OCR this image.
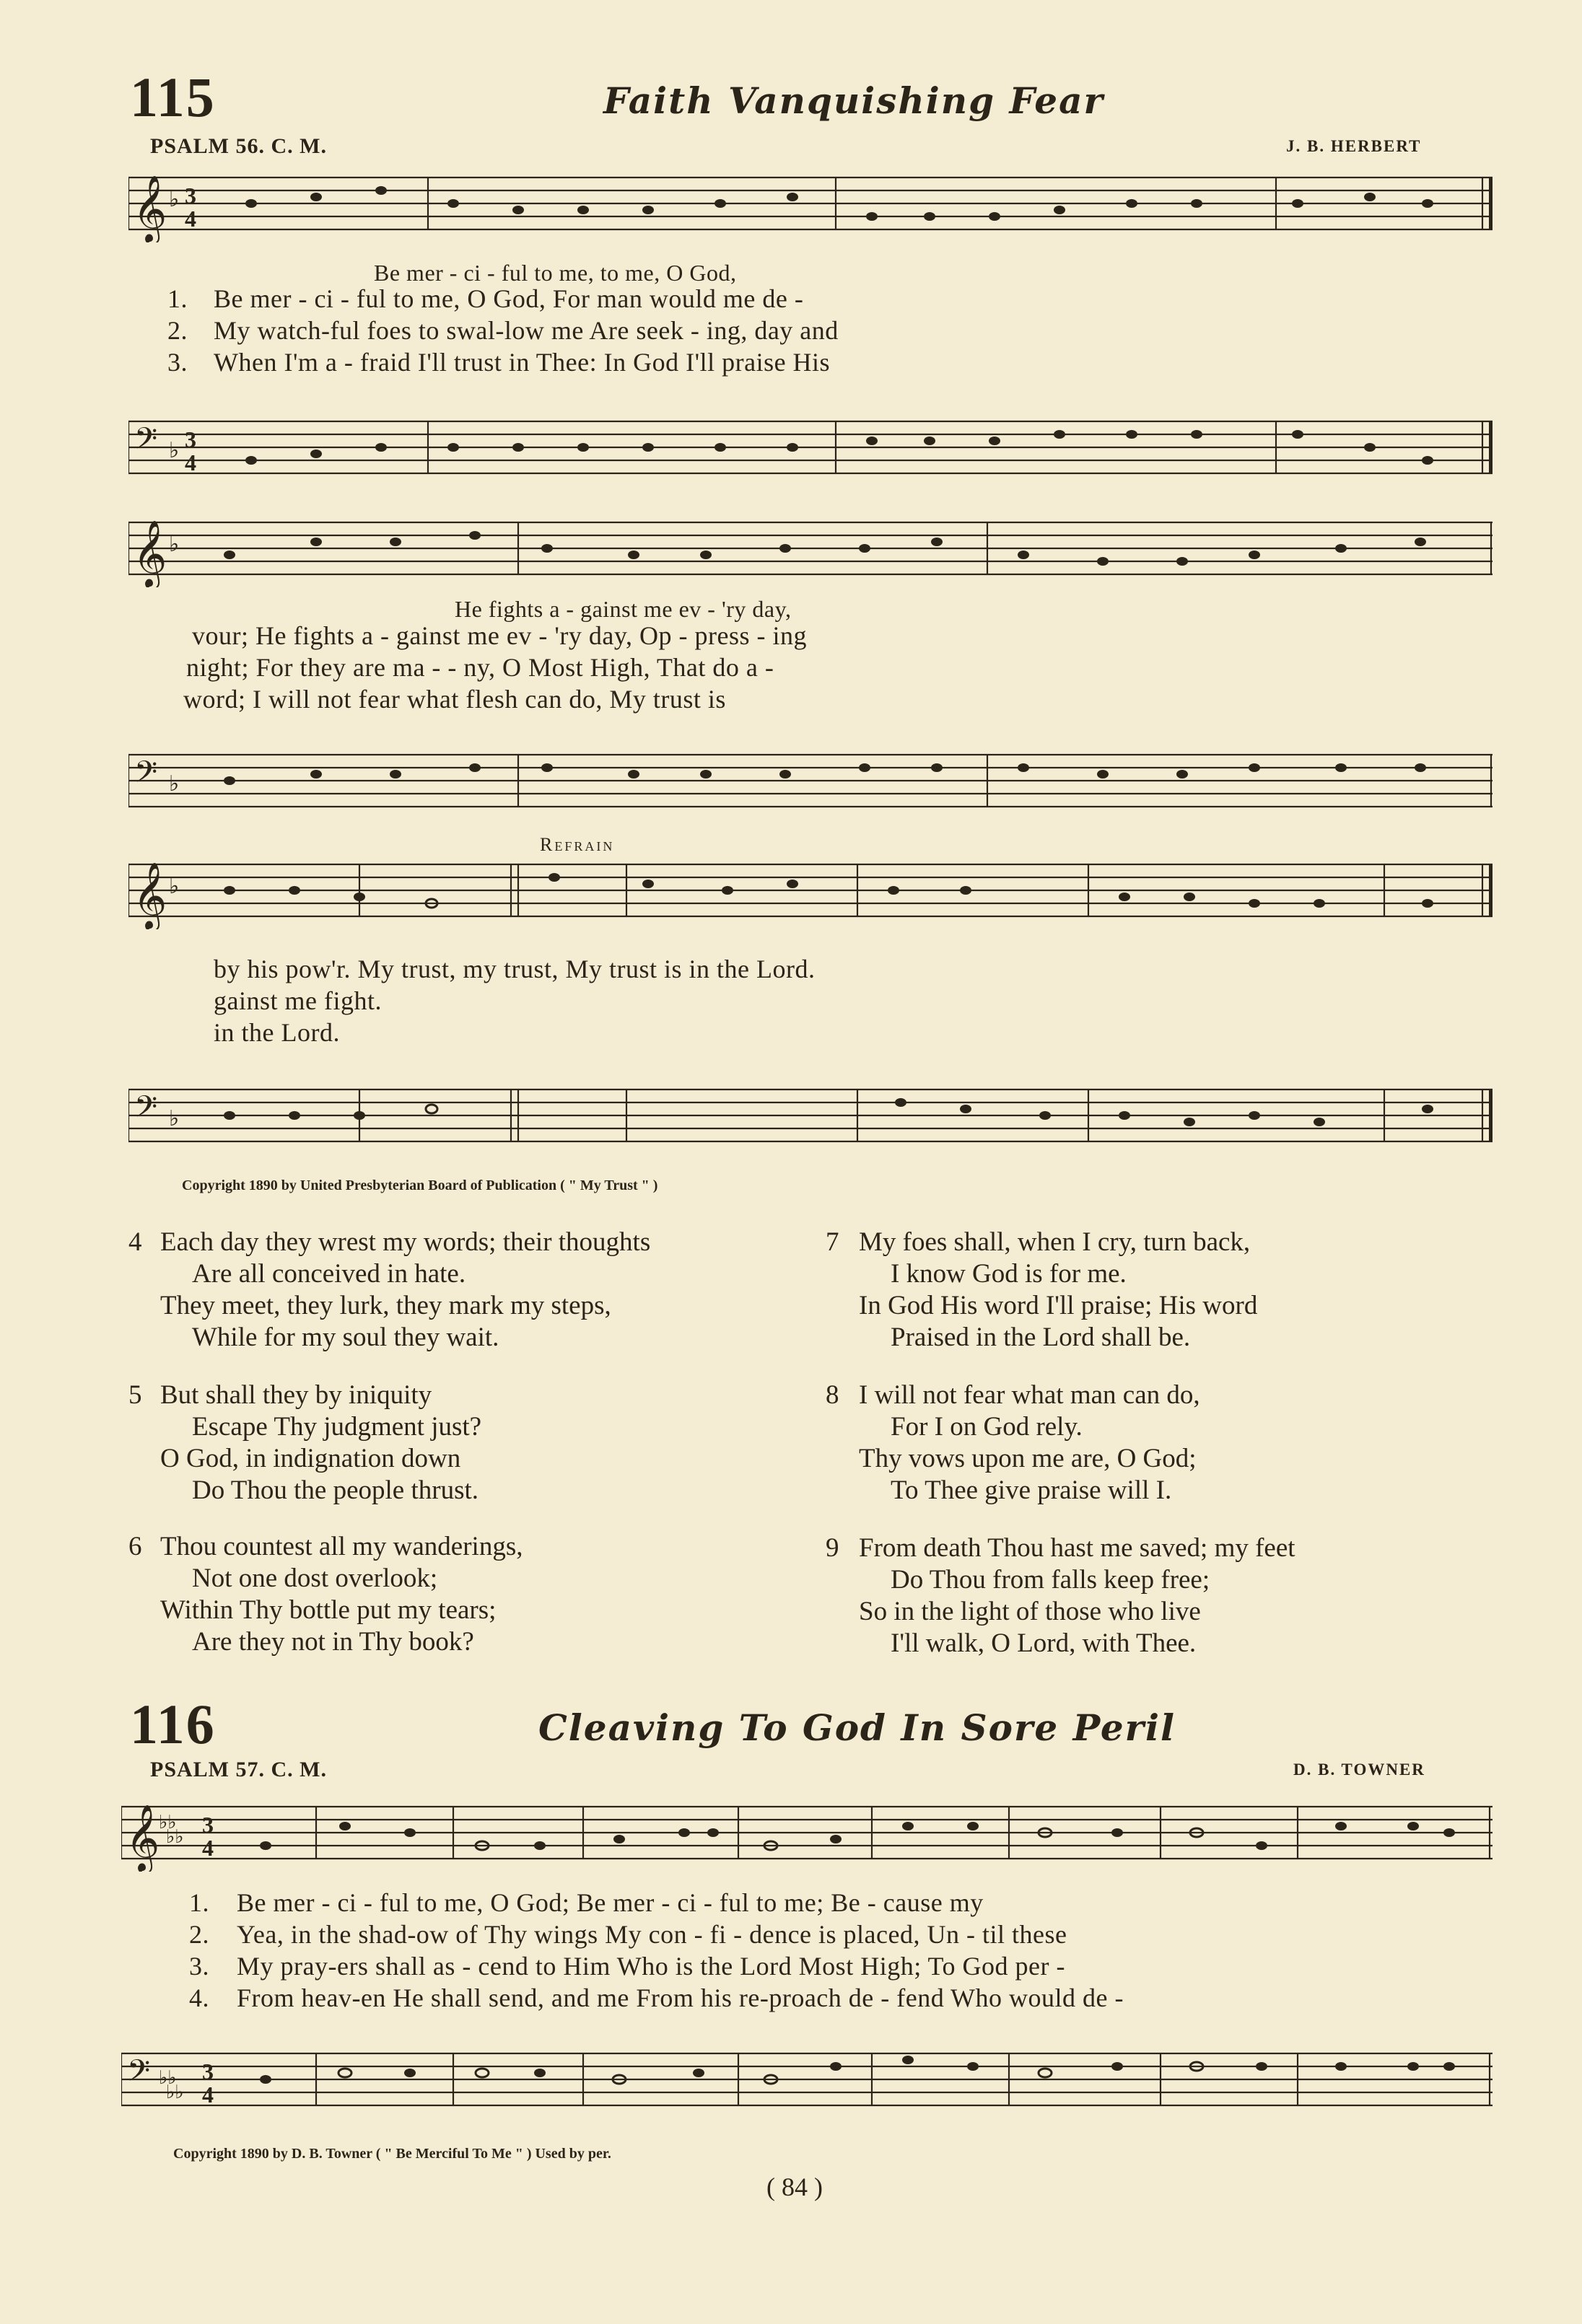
115	Faith Vanquishing Fear
PSALM 56. C. M.	J. B. HERBERT
𝄞 ♭ 3
4
Be mer - ci - ful to me, to me, O God,
1.
2.
3.
Be mer - ci - ful to me, O God, For man would me de -
My watch-ful foes to swal-low me Are seek - ing, day and
When I'm a - fraid I'll trust in Thee: In God I'll praise His
𝄢 ♭ 3
4
𝄞 ♭
He fights a - gainst me ev - 'ry day,
vour; He fights a - gainst me ev - 'ry day, Op - press - ing
night; For they are ma - - ny, O Most High, That do a -
word; I will not fear what flesh can do, My trust is
𝄢 ♭
Refrain
𝄞 ♭
by his pow'r. My trust, my trust, My trust is in the Lord.
gainst me fight.
in the Lord.
𝄢 ♭
Copyright 1890 by United Presbyterian Board of Publication ( " My Trust " )
4 Each day they wrest my words; their thoughts
Are all conceived in hate.
They meet, they lurk, they mark my steps,
While for my soul they wait.
5 But shall they by iniquity
Escape Thy judgment just?
O God, in indignation down
Do Thou the people thrust.
6 Thou countest all my wanderings,
Not one dost overlook;
Within Thy bottle put my tears;
Are they not in Thy book?
7 My foes shall, when I cry, turn back,
I know God is for me.
In God His word I'll praise; His word
Praised in the Lord shall be.
8 I will not fear what man can do,
For I on God rely.
Thy vows upon me are, O God;
To Thee give praise will I.
9 From death Thou hast me saved; my feet
Do Thou from falls keep free;
So in the light of those who live
I'll walk, O Lord, with Thee.
116	Cleaving To God In Sore Peril
PSALM 57. C. M.	D. B. TOWNER
𝄞
♭♭
♭♭ 3
4
1.
2.
3.
4.
Be mer - ci - ful to me, O God; Be mer - ci - ful to me; Be - cause my
Yea, in the shad-ow of Thy wings My con - fi - dence is placed, Un - til these
My pray-ers shall as - cend to Him Who is the Lord Most High; To God per -
From heav-en He shall send, and me From his re-proach de - fend Who would de -
𝄢 ♭♭
♭♭
3
4
Copyright 1890 by D. B. Towner ( " Be Merciful To Me " ) Used by per.
( 84 )
